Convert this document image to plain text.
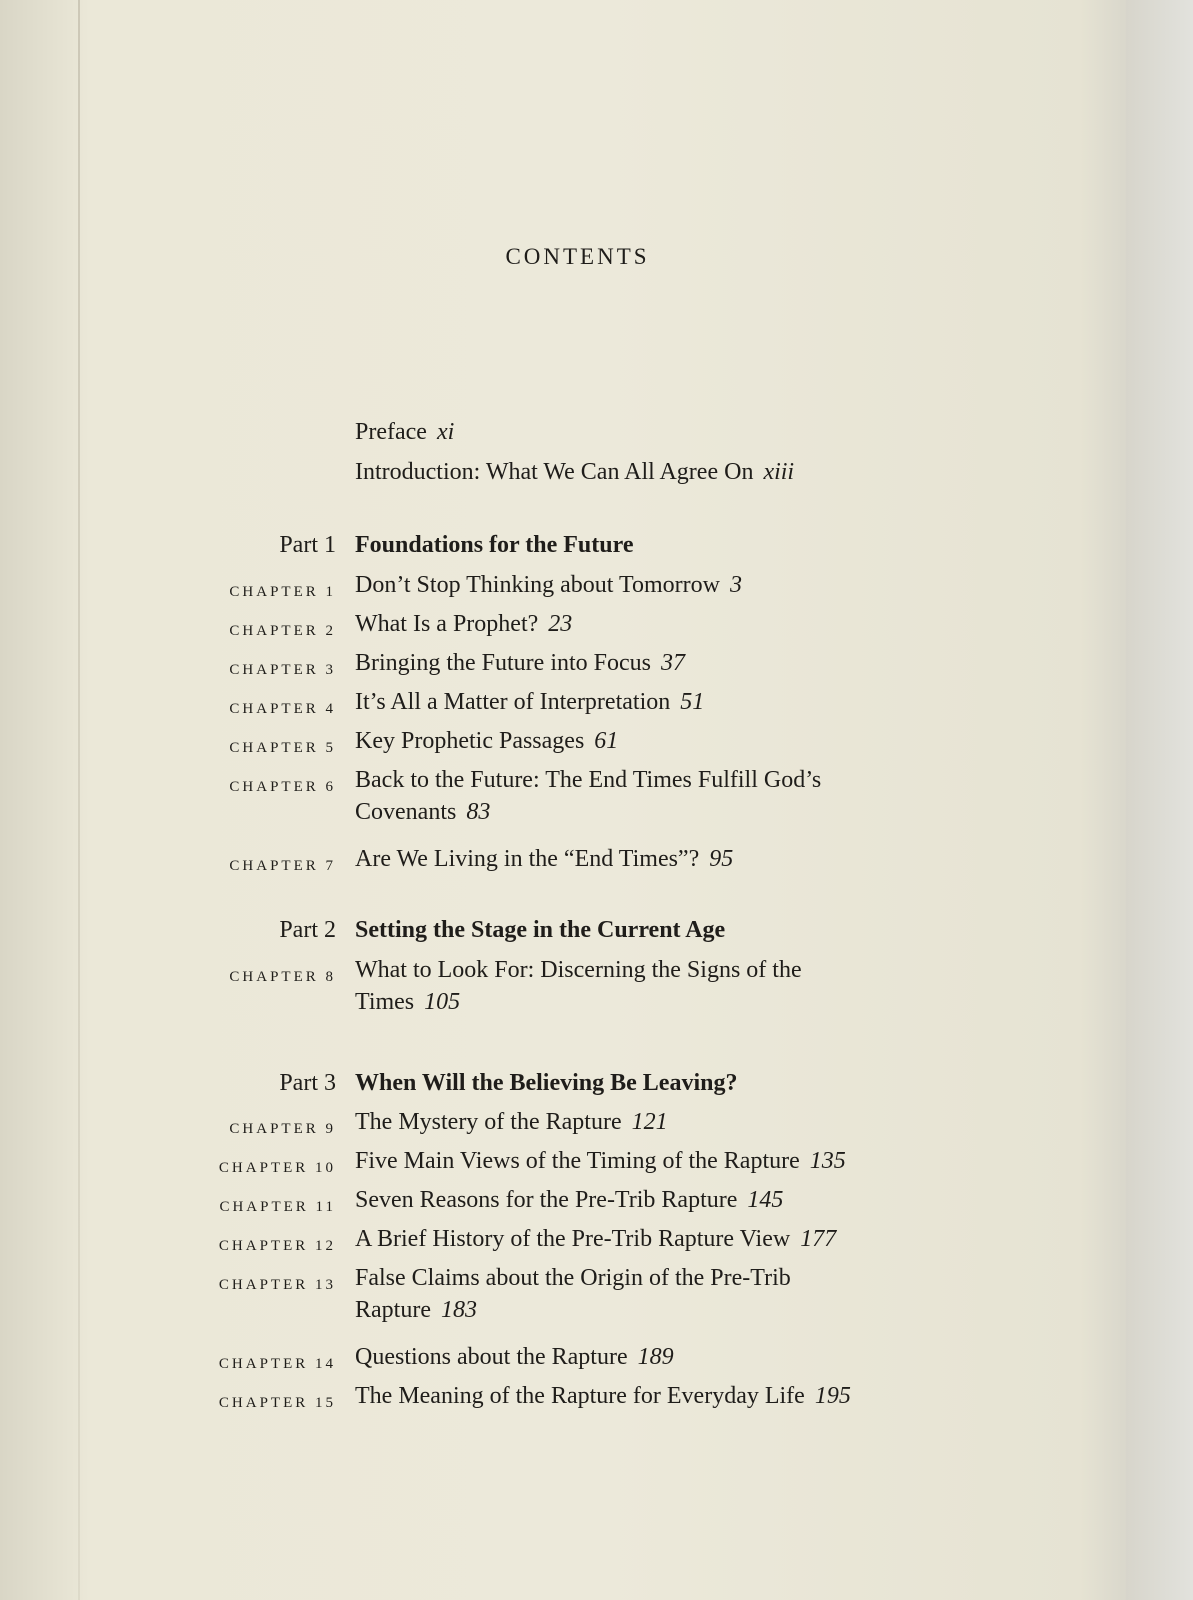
CONTENTS
Preface xi
Introduction: What We Can All Agree On xiii
Part 1 Foundations for the Future
CHAPTER 1 Don’t Stop Thinking about Tomorrow 3
CHAPTER 2 What Is a Prophet? 23
CHAPTER 3 Bringing the Future into Focus 37
CHAPTER 4 It’s All a Matter of Interpretation 51
CHAPTER 5 Key Prophetic Passages 61
CHAPTER 6 Back to the Future: The End Times Fulfill God’s Covenants 83
CHAPTER 7 Are We Living in the “End Times”? 95
Part 2 Setting the Stage in the Current Age
CHAPTER 8 What to Look For: Discerning the Signs of the Times 105
Part 3 When Will the Believing Be Leaving?
CHAPTER 9 The Mystery of the Rapture 121
CHAPTER 10 Five Main Views of the Timing of the Rapture 135
CHAPTER 11 Seven Reasons for the Pre-Trib Rapture 145
CHAPTER 12 A Brief History of the Pre-Trib Rapture View 177
CHAPTER 13 False Claims about the Origin of the Pre-Trib Rapture 183
CHAPTER 14 Questions about the Rapture 189
CHAPTER 15 The Meaning of the Rapture for Everyday Life 195
